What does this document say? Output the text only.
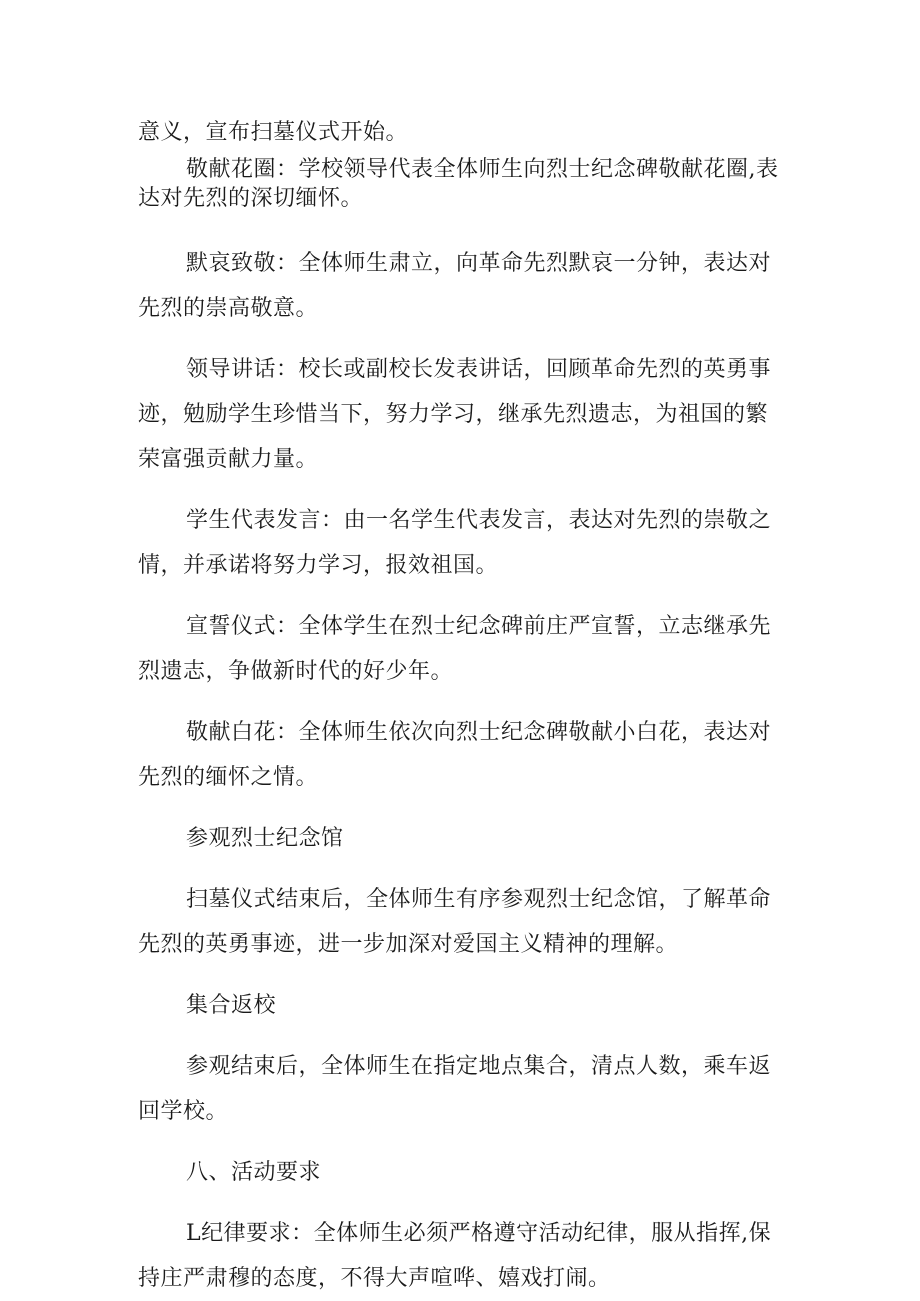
意义，宣布扫墓仪式开始。

敬献花圈：学校领导代表全体师生向烈士纪念碑敬献花圈,表达对先烈的深切缅怀。

默哀致敬：全体师生肃立，向革命先烈默哀一分钟，表达对先烈的崇高敬意。

领导讲话：校长或副校长发表讲话，回顾革命先烈的英勇事迹，勉励学生珍惜当下，努力学习，继承先烈遗志，为祖国的繁荣富强贡献力量。

学生代表发言：由一名学生代表发言，表达对先烈的崇敬之情，并承诺将努力学习，报效祖国。

宣誓仪式：全体学生在烈士纪念碑前庄严宣誓，立志继承先烈遗志，争做新时代的好少年。

敬献白花：全体师生依次向烈士纪念碑敬献小白花，表达对先烈的缅怀之情。

参观烈士纪念馆

扫墓仪式结束后，全体师生有序参观烈士纪念馆，了解革命先烈的英勇事迹，进一步加深对爱国主义精神的理解。

集合返校

参观结束后，全体师生在指定地点集合，清点人数，乘车返回学校。

八、活动要求

L纪律要求：全体师生必须严格遵守活动纪律，服从指挥,保持庄严肃穆的态度，不得大声喧哗、嬉戏打闹。
